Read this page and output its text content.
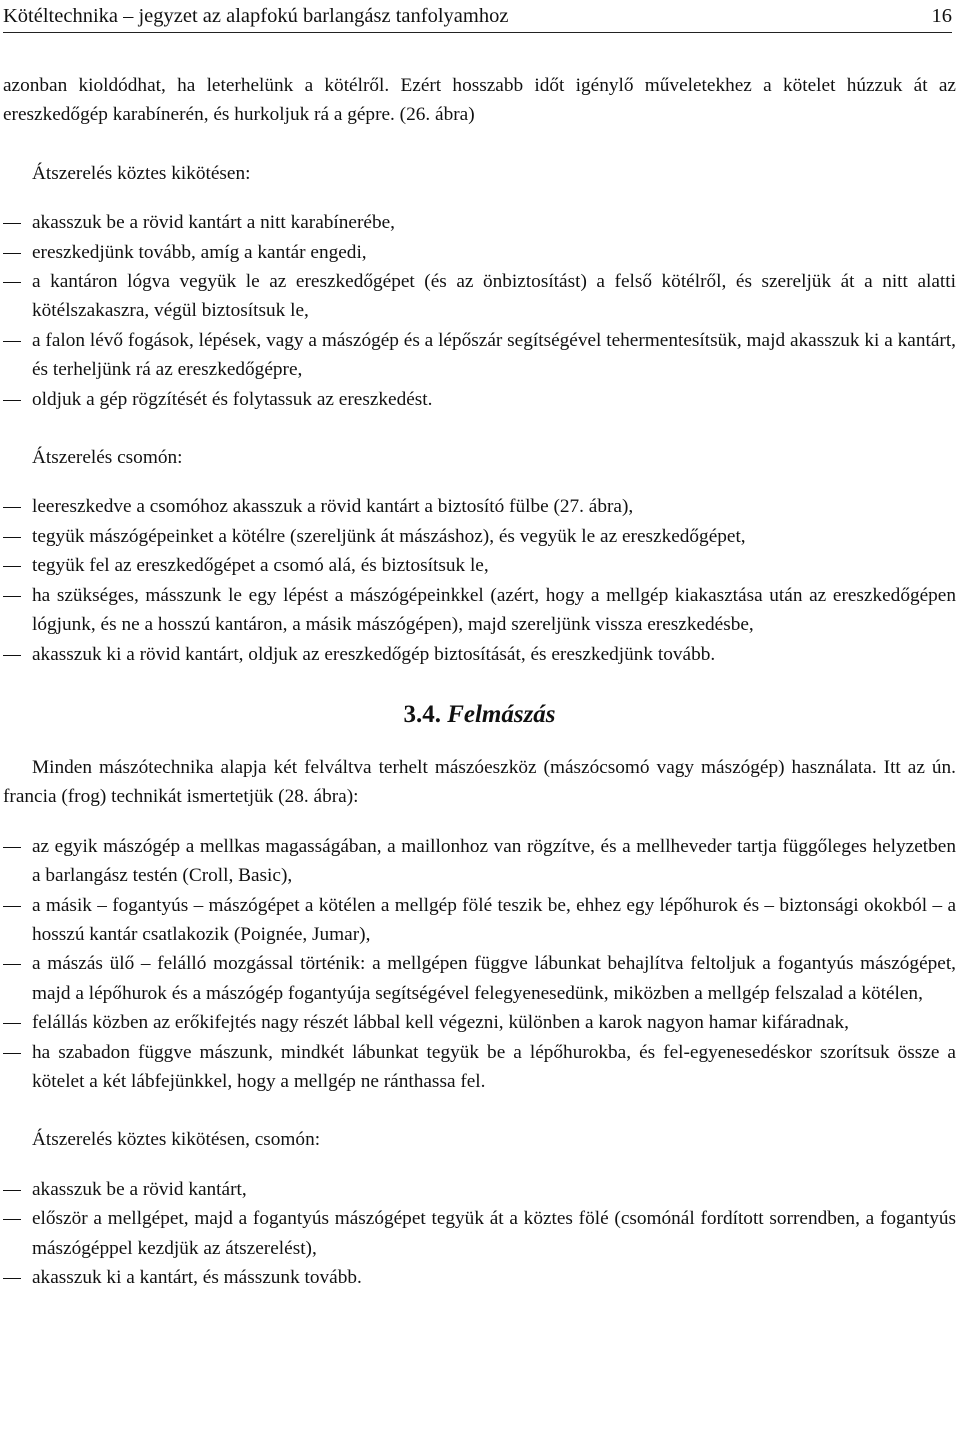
Kötéltechnika – jegyzet az alapfokú barlangász tanfolyamhoz	16

azonban kioldódhat, ha leterhelünk a kötélről. Ezért hosszabb időt igénylő műveletekhez a kötelet húzzuk át az ereszkedőgép karabínerén, és hurkoljuk rá a gépre. (26. ábra)

Átszerelés köztes kikötésen:

akasszuk be a rövid kantárt a nitt karabínerébe,
ereszkedjünk tovább, amíg a kantár engedi,
a kantáron lógva vegyük le az ereszkedőgépet (és az önbiztosítást) a felső kötélről, és szereljük át a nitt alatti kötélszakaszra, végül biztosítsuk le,
a falon lévő fogások, lépések, vagy a mászógép és a lépőszár segítségével tehermentesítsük, majd akasszuk ki a kantárt, és terheljünk rá az ereszkedőgépre,
oldjuk a gép rögzítését és folytassuk az ereszkedést.

Átszerelés csomón:

leereszkedve a csomóhoz akasszuk a rövid kantárt a biztosító fülbe (27. ábra),
tegyük mászógépeinket a kötélre (szereljünk át mászáshoz), és vegyük le az ereszkedőgépet,
tegyük fel az ereszkedőgépet a csomó alá, és biztosítsuk le,
ha szükséges, másszunk le egy lépést a mászógépeinkkel (azért, hogy a mellgép kiakasztása után az ereszkedőgépen lógjunk, és ne a hosszú kantáron, a másik mászógépen), majd szereljünk vissza ereszkedésbe,
akasszuk ki a rövid kantárt, oldjuk az ereszkedőgép biztosítását, és ereszkedjünk tovább.
3.4. Felmászás

Minden mászótechnika alapja két felváltva terhelt mászóeszköz (mászócsomó vagy mászógép) használata. Itt az ún. francia (frog) technikát ismertetjük (28. ábra):

az egyik mászógép a mellkas magasságában, a maillonhoz van rögzítve, és a mellheveder tartja függőleges helyzetben a barlangász testén (Croll, Basic),
a másik – fogantyús – mászógépet a kötélen a mellgép fölé teszik be, ehhez egy lépőhurok és – biztonsági okokból – a hosszú kantár csatlakozik (Poignée, Jumar),
a mászás ülő – felálló mozgással történik: a mellgépen függve lábunkat behajlítva feltoljuk a fogantyús mászógépet, majd a lépőhurok és a mászógép fogantyúja segítségével felegyenesedünk, miközben a mellgép felszalad a kötélen,
felállás közben az erőkifejtés nagy részét lábbal kell végezni, különben a karok nagyon hamar kifáradnak,
ha szabadon függve mászunk, mindkét lábunkat tegyük be a lépőhurokba, és fel-egyenesedéskor szorítsuk össze a kötelet a két lábfejünkkel, hogy a mellgép ne ránthassa fel.

Átszerelés köztes kikötésen, csomón:

akasszuk be a rövid kantárt,
először a mellgépet, majd a fogantyús mászógépet tegyük át a köztes fölé (csomónál fordított sorrendben, a fogantyús mászógéppel kezdjük az átszerelést),
akasszuk ki a kantárt, és másszunk tovább.
